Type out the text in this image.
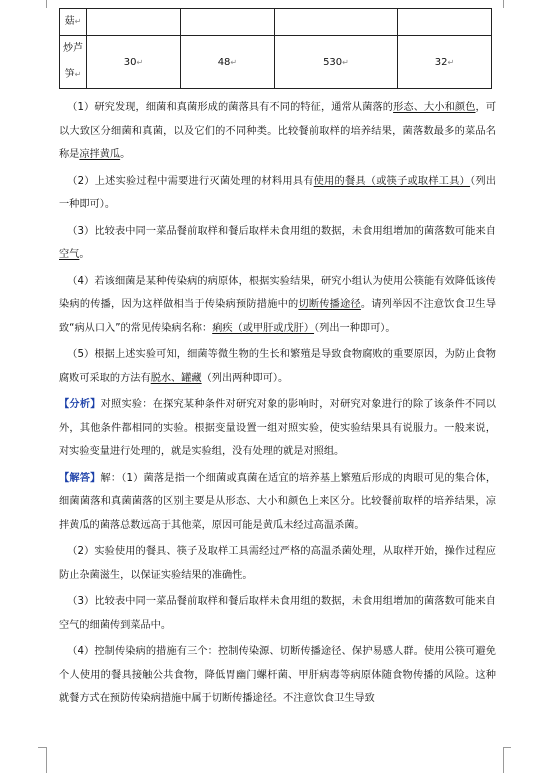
菇↵				
炒芦笋↵	30↵	48↵	530↵	32↵

（1）研究发现，细菌和真菌形成的菌落具有不同的特征，通常从菌落的形态、大小和颜色，可以大致区分细菌和真菌，以及它们的不同种类。比较餐前取样的培养结果，菌落数最多的菜品名称是凉拌黄瓜。

（2）上述实验过程中需要进行灭菌处理的材料用具有使用的餐具（或筷子或取样工具）（列出一种即可）。

（3）比较表中同一菜品餐前取样和餐后取样未食用组的数据，未食用组增加的菌落数可能来自空气。

（4）若该细菌是某种传染病的病原体，根据实验结果，研究小组认为使用公筷能有效降低该传染病的传播，因为这样做相当于传染病预防措施中的切断传播途径。请列举因不注意饮食卫生导致“病从口入”的常见传染病名称：痢疾（或甲肝或戊肝）（列出一种即可）。

（5）根据上述实验可知，细菌等微生物的生长和繁殖是导致食物腐败的重要原因，为防止食物腐败可采取的方法有脱水、罐藏（列出两种即可）。

【分析】对照实验：在探究某种条件对研究对象的影响时，对研究对象进行的除了该条件不同以外，其他条件都相同的实验。根据变量设置一组对照实验，使实验结果具有说服力。一般来说，对实验变量进行处理的，就是实验组，没有处理的就是对照组。

【解答】解：（1）菌落是指一个细菌或真菌在适宜的培养基上繁殖后形成的肉眼可见的集合体，细菌菌落和真菌菌落的区别主要是从形态、大小和颜色上来区分。比较餐前取样的培养结果，凉拌黄瓜的菌落总数远高于其他菜，原因可能是黄瓜未经过高温杀菌。

（2）实验使用的餐具、筷子及取样工具需经过严格的高温杀菌处理，从取样开始，操作过程应防止杂菌滋生，以保证实验结果的准确性。

（3）比较表中同一菜品餐前取样和餐后取样未食用组的数据，未食用组增加的菌落数可能来自空气的细菌传到菜品中。

（4）控制传染病的措施有三个：控制传染源、切断传播途径、保护易感人群。使用公筷可避免个人使用的餐具接触公共食物，降低胃幽门螺杆菌、甲肝病毒等病原体随食物传播的风险。这种就餐方式在预防传染病措施中属于切断传播途径。不注意饮食卫生导致
